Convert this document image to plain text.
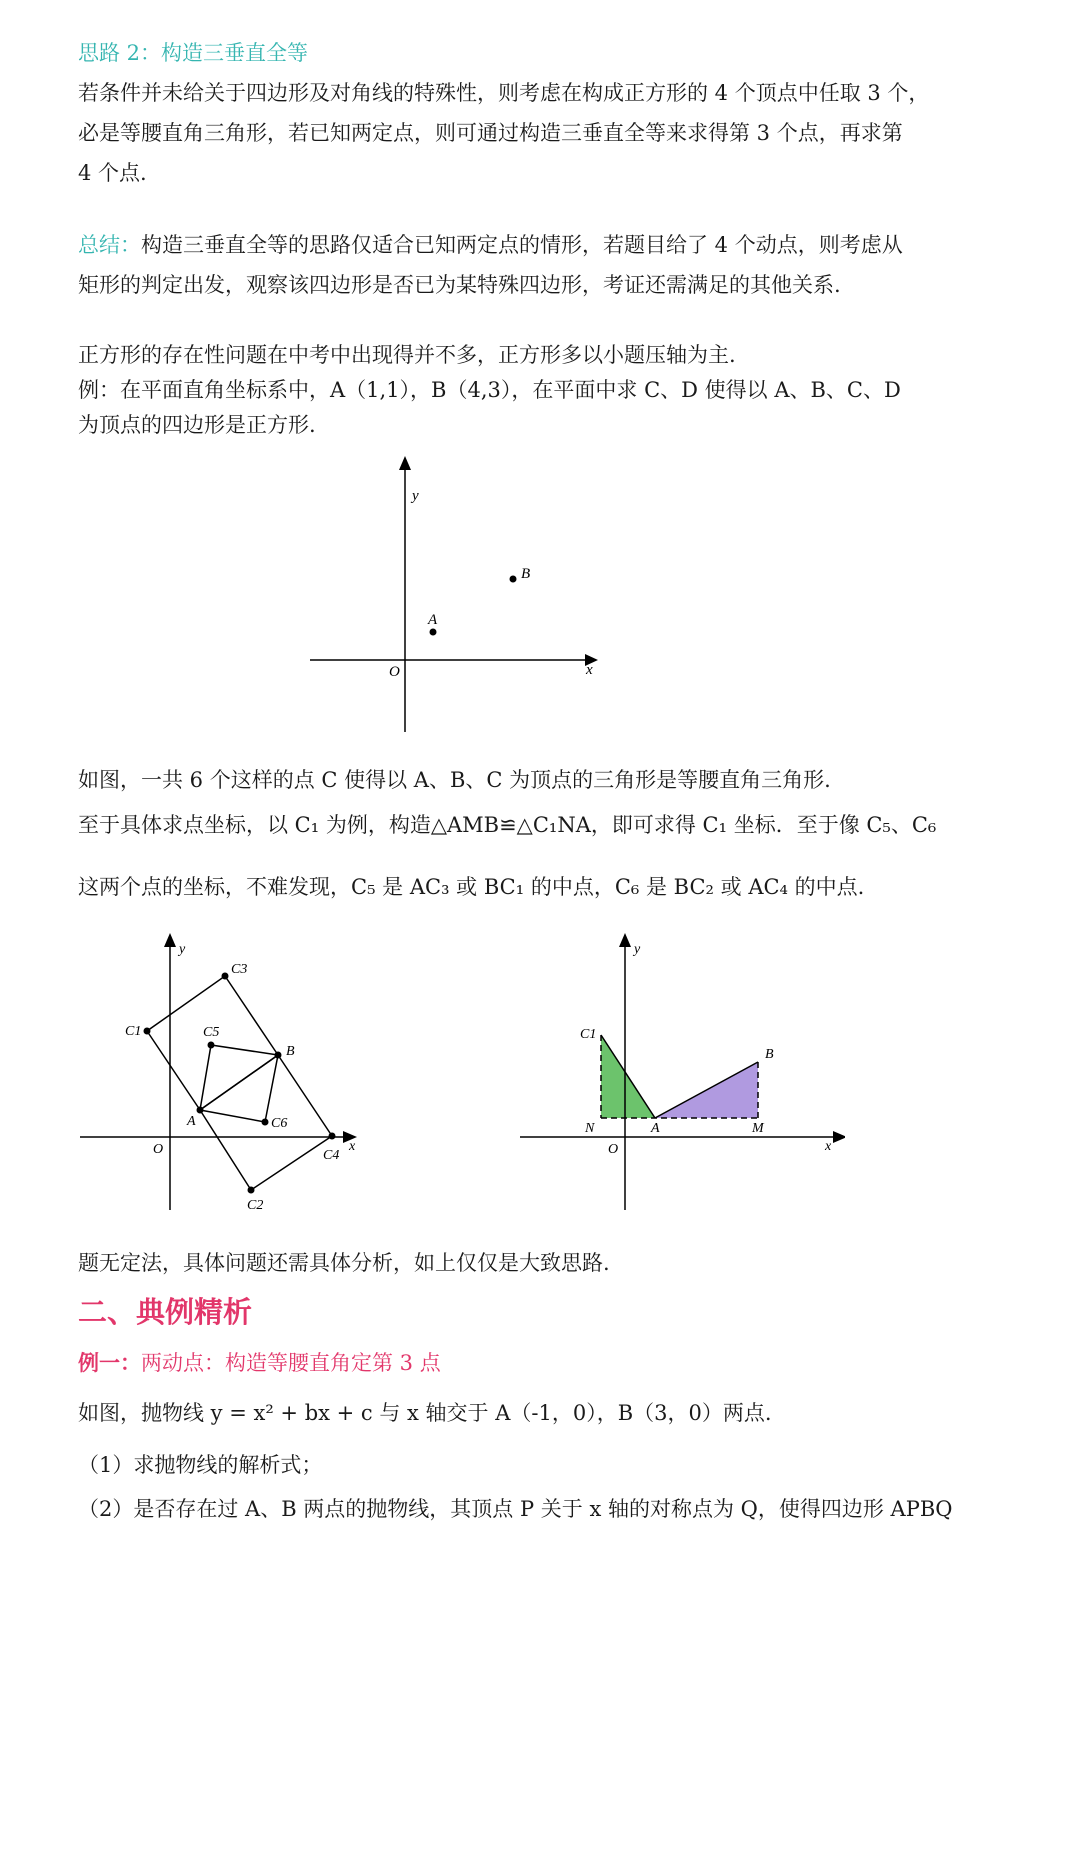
思路 2：构造三垂直全等
若条件并未给关于四边形及对角线的特殊性，则考虑在构成正方形的 4 个顶点中任取 3 个，
必是等腰直角三角形，若已知两定点，则可通过构造三垂直全等来求得第 3 个点，再求第
4 个点.
总结：构造三垂直全等的思路仅适合已知两定点的情形，若题目给了 4 个动点，则考虑从
矩形的判定出发，观察该四边形是否已为某特殊四边形，考证还需满足的其他关系.
正方形的存在性问题在中考中出现得并不多，正方形多以小题压轴为主.
例：在平面直角坐标系中，A（1,1），B（4,3），在平面中求 C、D 使得以 A、B、C、D
为顶点的四边形是正方形.
y
x
O
A
B
如图，一共 6 个这样的点 C 使得以 A、B、C 为顶点的三角形是等腰直角三角形.
至于具体求点坐标，以 C₁ 为例，构造△AMB≌△C₁NA，即可求得 C₁ 坐标．至于像 C₅、C₆
这两个点的坐标，不难发现，C₅ 是 AC₃ 或 BC₁ 的中点，C₆ 是 BC₂ 或 AC₄ 的中点.
y
x
O
A
B
C1
C2
C3
C4
C5
C6
y
x
O
C1
B
N	A	M
题无定法，具体问题还需具体分析，如上仅仅是大致思路.
二、典例精析
例一：两动点：构造等腰直角定第 3 点
如图，抛物线 y = x² + bx + c 与 x 轴交于 A（-1，0），B（3，0）两点.
（1）求抛物线的解析式；
（2）是否存在过 A、B 两点的抛物线，其顶点 P 关于 x 轴的对称点为 Q，使得四边形 APBQ
